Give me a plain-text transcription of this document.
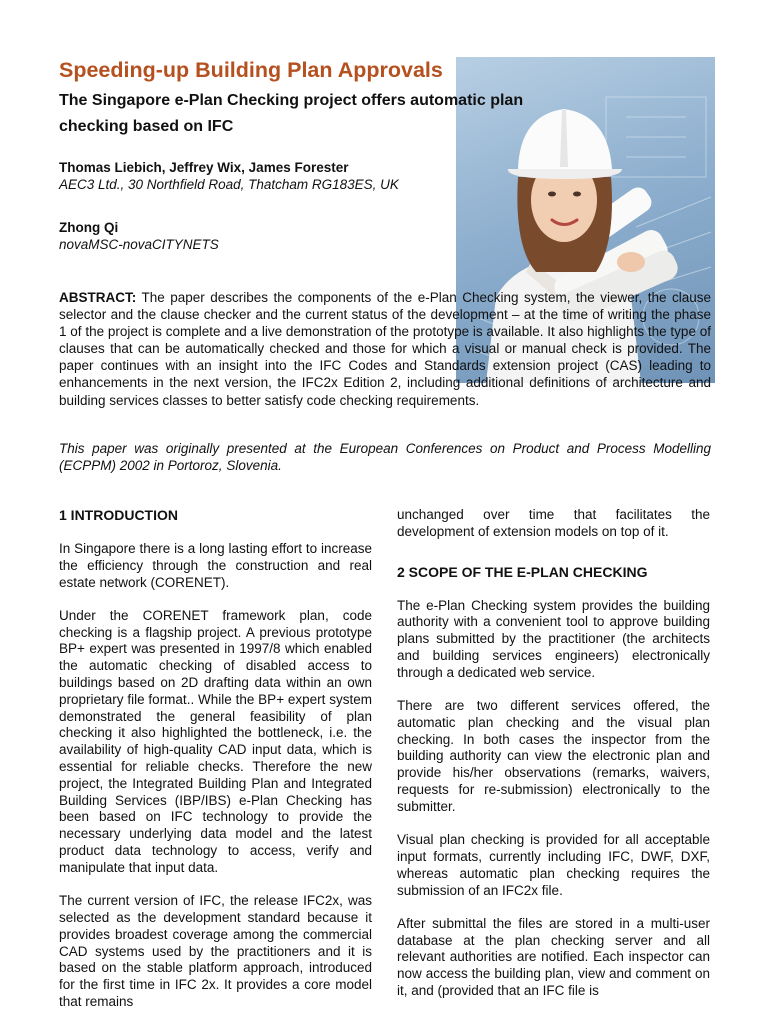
Speeding-up Building Plan Approvals

The Singapore e-Plan Checking project offers automatic plan checking based on IFC

Thomas Liebich, Jeffrey Wix, James Forester
AEC3 Ltd., 30 Northfield Road, Thatcham RG183ES, UK
Zhong Qi
novaMSC-novaCITYNETS

ABSTRACT: The paper describes the components of the e-Plan Checking system, the viewer, the clause selector and the clause checker and the current status of the development – at the time of writing the phase 1 of the project is complete and a live demonstration of the prototype is available. It also highlights the type of clauses that can be automatically checked and those for which a visual or manual check is provided. The paper continues with an insight into the IFC Codes and Standards extension project (CAS) leading to enhancements in the next version, the IFC2x Edition 2, including additional definitions of architecture and building services classes to better satisfy code checking requirements.

This paper was originally presented at the European Conferences on Product and Process Modelling (ECPPM) 2002 in Portoroz, Slovenia.

1 INTRODUCTION

In Singapore there is a long lasting effort to increase the efficiency through the construction and real estate network (CORENET).

Under the CORENET framework plan, code checking is a flagship project. A previous prototype BP+ expert was presented in 1997/8 which enabled the automatic checking of disabled access to buildings based on 2D drafting data within an own proprietary file format.. While the BP+ expert system demonstrated the general feasibility of plan checking it also highlighted the bottleneck, i.e. the availability of high-quality CAD input data, which is essential for reliable checks. Therefore the new project, the Integrated Building Plan and Integrated Building Services (IBP/IBS) e-Plan Checking has been based on IFC technology to provide the necessary underlying data model and the latest product data technology to access, verify and manipulate that input data.

The current version of IFC, the release IFC2x, was selected as the development standard because it provides broadest coverage among the commercial CAD systems used by the practitioners and it is based on the stable platform approach, introduced for the first time in IFC 2x. It provides a core model that remains

unchanged over time that facilitates the development of extension models on top of it.

2 SCOPE OF THE E-PLAN CHECKING

The e-Plan Checking system provides the building authority with a convenient tool to approve building plans submitted by the practitioner (the architects and building services engineers) electronically through a dedicated web service.

There are two different services offered, the automatic plan checking and the visual plan checking. In both cases the inspector from the building authority can view the electronic plan and provide his/her observations (remarks, waivers, requests for re-submission) electronically to the submitter.

Visual plan checking is provided for all acceptable input formats, currently including IFC, DWF, DXF, whereas automatic plan checking requires the submission of an IFC2x file.

After submittal the files are stored in a multi-user database at the plan checking server and all relevant authorities are notified. Each inspector can now access the building plan, view and comment on it, and (provided that an IFC file is
